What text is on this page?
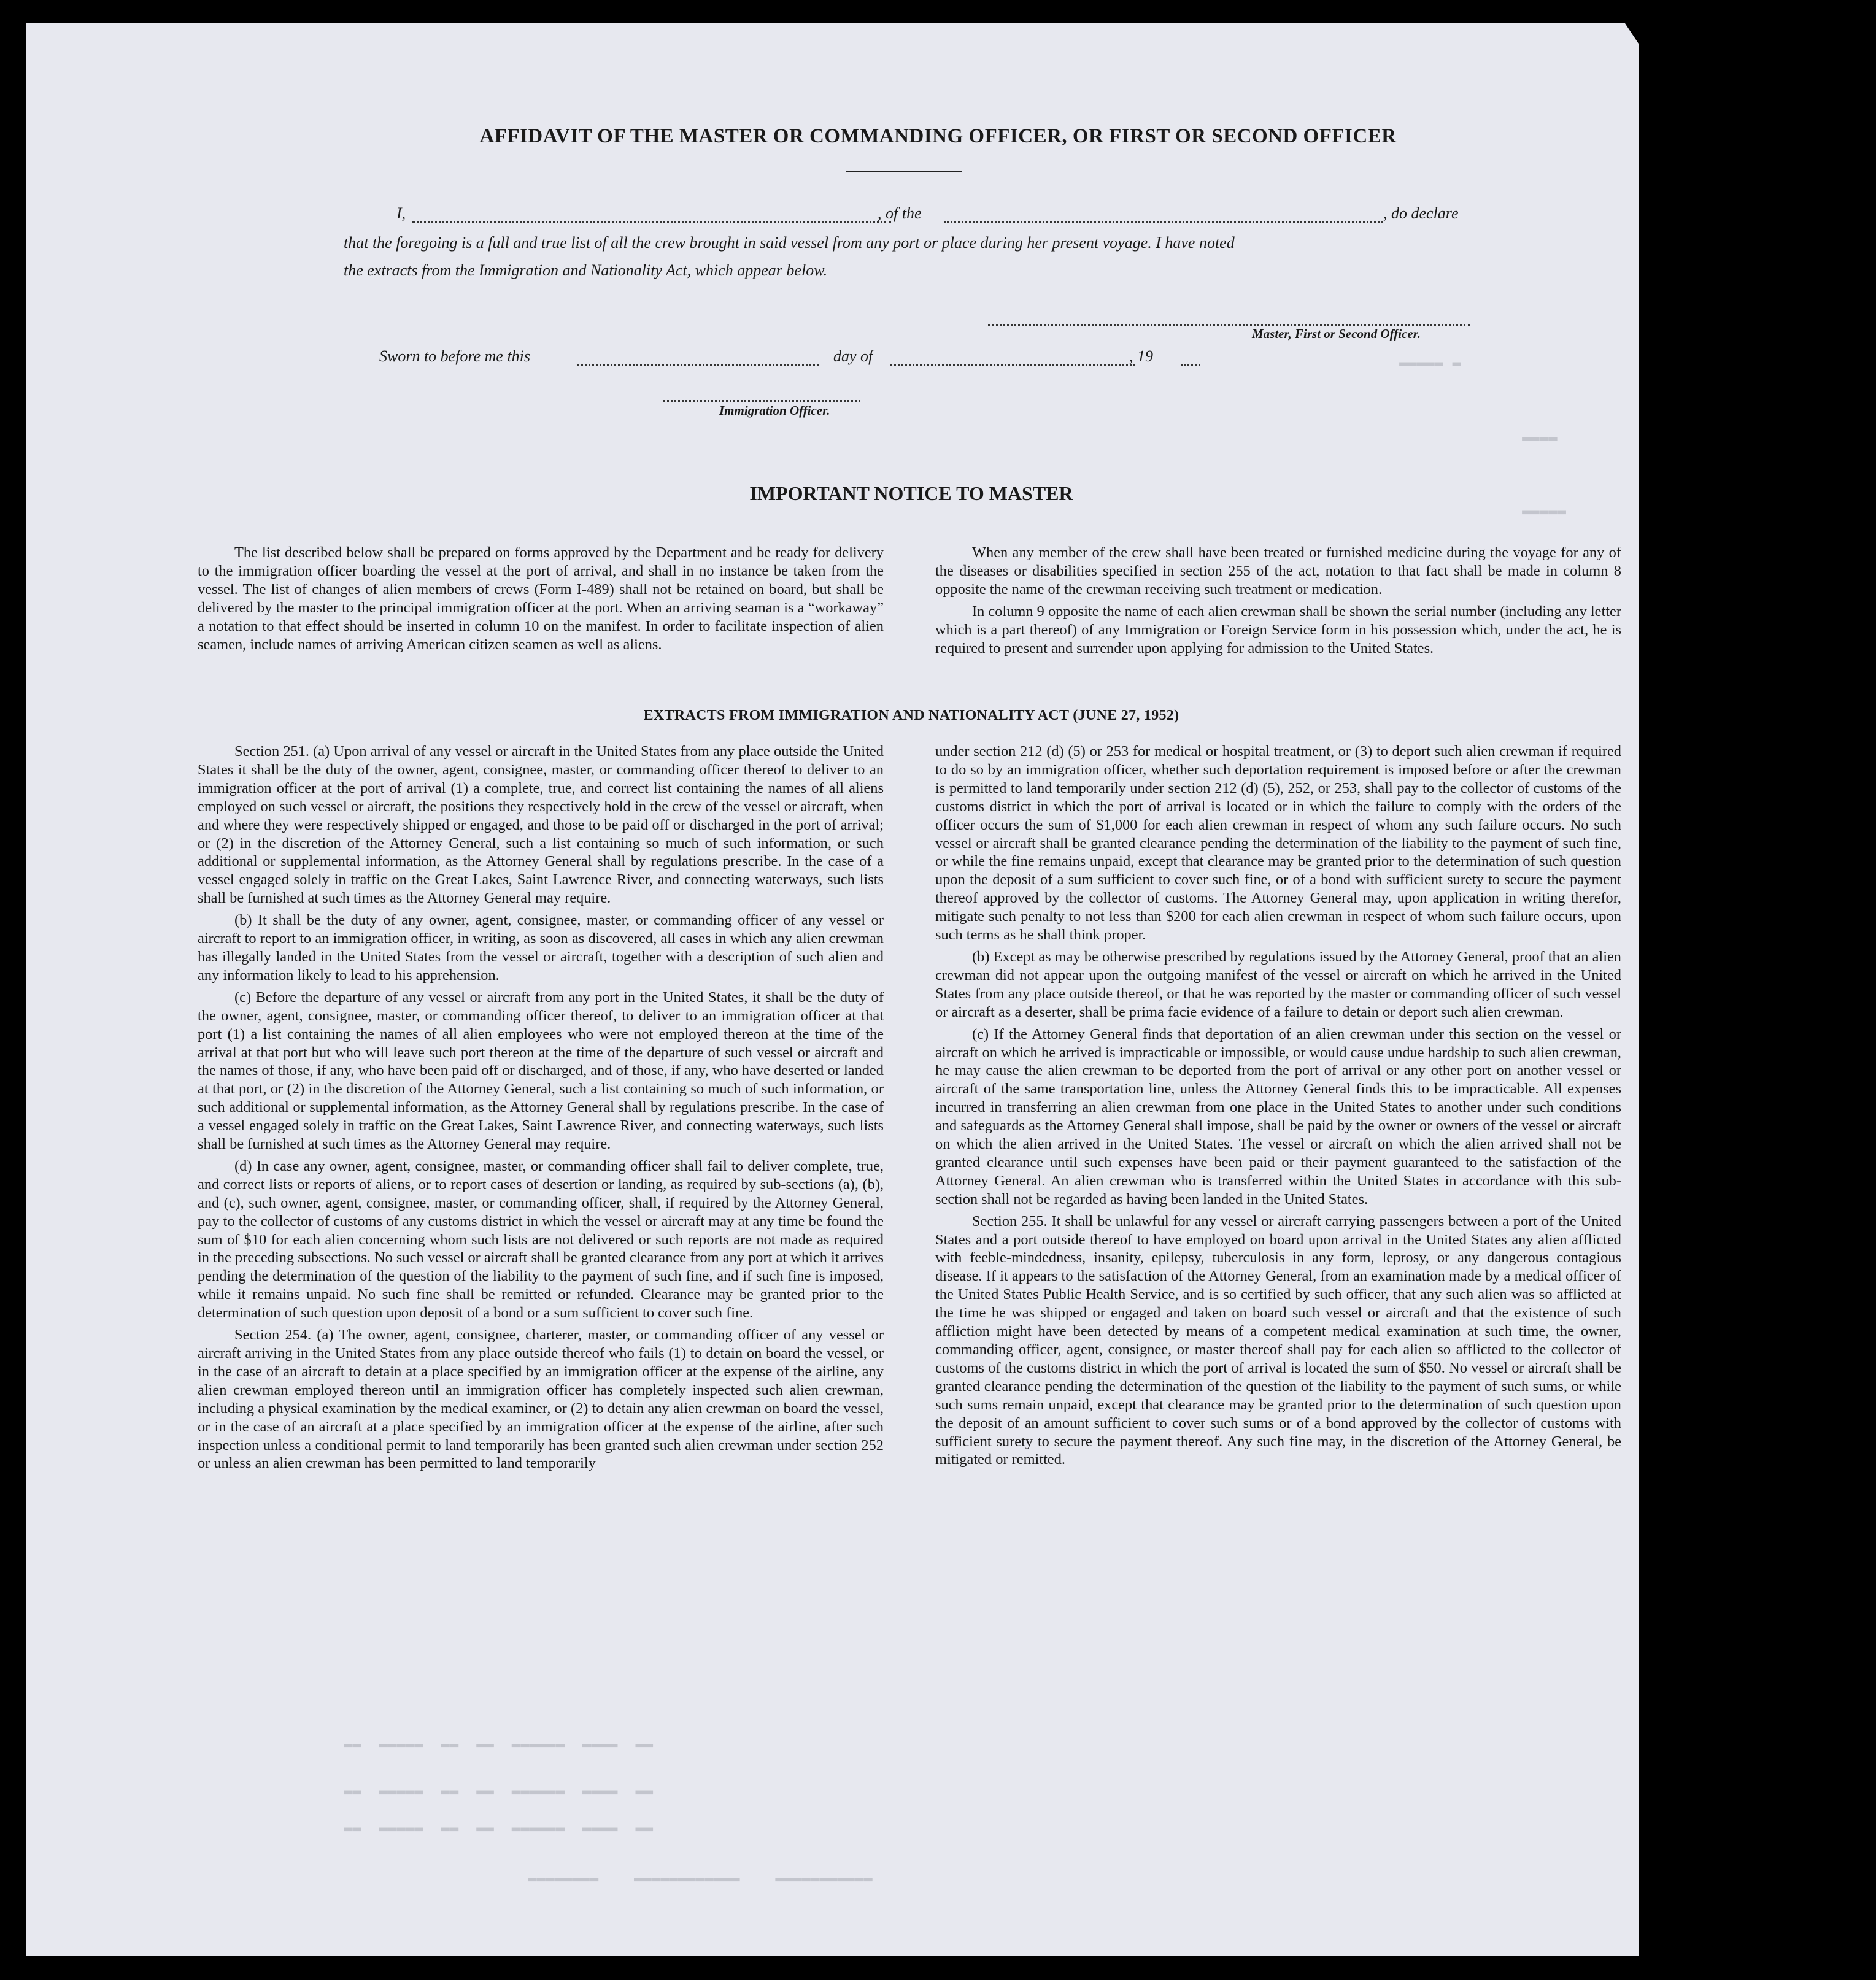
▬ ▬▬▬▬▬
▬▬▬▬
▬▬▬▬▬
▬▬  ▬▬▬▬  ▬▬▬▬▬▬  ▬▬  ▬▬  ▬▬▬▬▬  ▬▬
▬▬  ▬▬▬▬  ▬▬▬▬▬▬  ▬▬  ▬▬  ▬▬▬▬▬  ▬▬
▬▬  ▬▬▬▬  ▬▬▬▬▬▬  ▬▬  ▬▬  ▬▬▬▬▬  ▬▬
▬▬▬▬▬▬▬▬▬▬▬    ▬▬▬▬▬▬▬▬▬▬▬▬    ▬▬▬▬▬▬▬▬
AFFIDAVIT OF THE MASTER OR COMMANDING OFFICER, OR FIRST OR SECOND OFFICER
I,	, of the	, do declare
that the foregoing is a full and true list of all the crew brought in said vessel from any port or place during her present voyage. I have noted
the extracts from the Immigration and Nationality Act, which appear below.
Master, First or Second Officer.
Sworn to before me this	day of	, 19
Immigration Officer.
IMPORTANT NOTICE TO MASTER

The list described below shall be prepared on forms approved by the Department and be ready for delivery to the immigration officer boarding the vessel at the port of arrival, and shall in no instance be taken from the vessel. The list of changes of alien members of crews (Form I-489) shall not be retained on board, but shall be delivered by the master to the principal immigration officer at the port. When an arriving seaman is a “workaway” a notation to that effect should be inserted in column 10 on the manifest. In order to facilitate inspection of alien seamen, include names of arriving American citizen seamen as well as aliens.

When any member of the crew shall have been treated or furnished medicine during the voyage for any of the diseases or disabilities specified in section 255 of the act, notation to that fact shall be made in column 8 opposite the name of the crewman receiving such treatment or medication.

In column 9 opposite the name of each alien crewman shall be shown the serial number (including any letter which is a part thereof) of any Immigration or Foreign Service form in his possession which, under the act, he is required to present and surrender upon applying for admission to the United States.

EXTRACTS FROM IMMIGRATION AND NATIONALITY ACT (JUNE 27, 1952)

Section 251. (a) Upon arrival of any vessel or aircraft in the United States from any place outside the United States it shall be the duty of the owner, agent, consignee, master, or commanding officer thereof to deliver to an immigration officer at the port of arrival (1) a complete, true, and correct list containing the names of all aliens employed on such vessel or aircraft, the positions they respectively hold in the crew of the vessel or aircraft, when and where they were respectively shipped or engaged, and those to be paid off or discharged in the port of arrival; or (2) in the discretion of the Attorney General, such a list containing so much of such information, or such additional or supplemental information, as the Attorney General shall by regulations prescribe. In the case of a vessel engaged solely in traffic on the Great Lakes, Saint Lawrence River, and connecting waterways, such lists shall be furnished at such times as the Attorney General may require.

(b) It shall be the duty of any owner, agent, consignee, master, or commanding officer of any vessel or aircraft to report to an immigration officer, in writing, as soon as discovered, all cases in which any alien crewman has illegally landed in the United States from the vessel or aircraft, together with a description of such alien and any information likely to lead to his apprehension.

(c) Before the departure of any vessel or aircraft from any port in the United States, it shall be the duty of the owner, agent, consignee, master, or commanding officer thereof, to deliver to an immigration officer at that port (1) a list containing the names of all alien employees who were not employed thereon at the time of the arrival at that port but who will leave such port thereon at the time of the departure of such vessel or aircraft and the names of those, if any, who have been paid off or discharged, and of those, if any, who have deserted or landed at that port, or (2) in the discretion of the Attorney General, such a list containing so much of such information, or such additional or supplemental information, as the Attorney General shall by regulations prescribe. In the case of a vessel engaged solely in traffic on the Great Lakes, Saint Lawrence River, and connecting waterways, such lists shall be furnished at such times as the Attorney General may require.

(d) In case any owner, agent, consignee, master, or commanding officer shall fail to deliver complete, true, and correct lists or reports of aliens, or to report cases of desertion or landing, as required by sub-sections (a), (b), and (c), such owner, agent, consignee, master, or commanding officer, shall, if required by the Attorney General, pay to the collector of customs of any customs district in which the vessel or aircraft may at any time be found the sum of $10 for each alien concerning whom such lists are not delivered or such reports are not made as required in the preceding subsections. No such vessel or aircraft shall be granted clearance from any port at which it arrives pending the determination of the question of the liability to the payment of such fine, and if such fine is imposed, while it remains unpaid. No such fine shall be remitted or refunded. Clearance may be granted prior to the determination of such question upon deposit of a bond or a sum sufficient to cover such fine.

Section 254. (a) The owner, agent, consignee, charterer, master, or commanding officer of any vessel or aircraft arriving in the United States from any place outside thereof who fails (1) to detain on board the vessel, or in the case of an aircraft to detain at a place specified by an immigration officer at the expense of the airline, any alien crewman employed thereon until an immigration officer has completely inspected such alien crewman, including a physical examination by the medical examiner, or (2) to detain any alien crewman on board the vessel, or in the case of an aircraft at a place specified by an immigration officer at the expense of the airline, after such inspection unless a conditional permit to land temporarily has been granted such alien crewman under section 252 or unless an alien crewman has been permitted to land temporarily

under section 212 (d) (5) or 253 for medical or hospital treatment, or (3) to deport such alien crewman if required to do so by an immigration officer, whether such deportation requirement is imposed before or after the crewman is permitted to land temporarily under section 212 (d) (5), 252, or 253, shall pay to the collector of customs of the customs district in which the port of arrival is located or in which the failure to comply with the orders of the officer occurs the sum of $1,000 for each alien crewman in respect of whom any such failure occurs. No such vessel or aircraft shall be granted clearance pending the determination of the liability to the payment of such fine, or while the fine remains unpaid, except that clearance may be granted prior to the determination of such question upon the deposit of a sum sufficient to cover such fine, or of a bond with sufficient surety to secure the payment thereof approved by the collector of customs. The Attorney General may, upon application in writing therefor, mitigate such penalty to not less than $200 for each alien crewman in respect of whom such failure occurs, upon such terms as he shall think proper.

(b) Except as may be otherwise prescribed by regulations issued by the Attorney General, proof that an alien crewman did not appear upon the outgoing manifest of the vessel or aircraft on which he arrived in the United States from any place outside thereof, or that he was reported by the master or commanding officer of such vessel or aircraft as a deserter, shall be prima facie evidence of a failure to detain or deport such alien crewman.

(c) If the Attorney General finds that deportation of an alien crewman under this section on the vessel or aircraft on which he arrived is impracticable or impossible, or would cause undue hardship to such alien crewman, he may cause the alien crewman to be deported from the port of arrival or any other port on another vessel or aircraft of the same transportation line, unless the Attorney General finds this to be impracticable. All expenses incurred in transferring an alien crewman from one place in the United States to another under such conditions and safeguards as the Attorney General shall impose, shall be paid by the owner or owners of the vessel or aircraft on which the alien arrived in the United States. The vessel or aircraft on which the alien arrived shall not be granted clearance until such expenses have been paid or their payment guaranteed to the satisfaction of the Attorney General. An alien crewman who is transferred within the United States in accordance with this sub-section shall not be regarded as having been landed in the United States.

Section 255. It shall be unlawful for any vessel or aircraft carrying passengers between a port of the United States and a port outside thereof to have employed on board upon arrival in the United States any alien afflicted with feeble-mindedness, insanity, epilepsy, tuberculosis in any form, leprosy, or any dangerous contagious disease. If it appears to the satisfaction of the Attorney General, from an examination made by a medical officer of the United States Public Health Service, and is so certified by such officer, that any such alien was so afflicted at the time he was shipped or engaged and taken on board such vessel or aircraft and that the existence of such affliction might have been detected by means of a competent medical examination at such time, the owner, commanding officer, agent, consignee, or master thereof shall pay for each alien so afflicted to the collector of customs of the customs district in which the port of arrival is located the sum of $50. No vessel or aircraft shall be granted clearance pending the determination of the question of the liability to the payment of such sums, or while such sums remain unpaid, except that clearance may be granted prior to the determination of such question upon the deposit of an amount sufficient to cover such sums or of a bond approved by the collector of customs with sufficient surety to secure the payment thereof. Any such fine may, in the discretion of the Attorney General, be mitigated or remitted.
